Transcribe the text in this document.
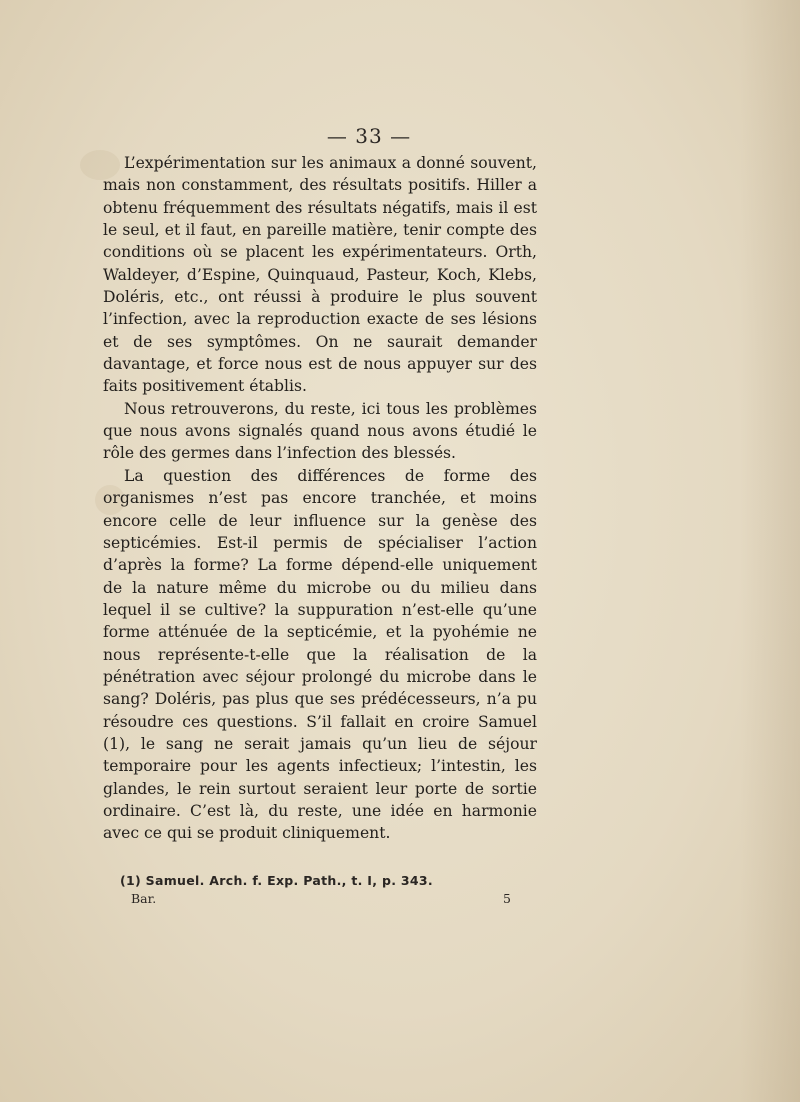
— 33 —

L’expérimentation sur les animaux a donné souvent, mais non constamment, des résultats positifs. Hiller a obtenu fréquemment des résultats négatifs, mais il est le seul, et il faut, en pareille matière, tenir compte des conditions où se placent les expérimentateurs. Orth, Waldeyer, d’Espine, Quinquaud, Pasteur, Koch, Klebs, Doléris, etc., ont réussi à produire le plus souvent l’infection, avec la reproduction exacte de ses lésions et de ses symptômes. On ne saurait demander davantage, et force nous est de nous appuyer sur des faits positivement établis.

Nous retrouverons, du reste, ici tous les problèmes que nous avons signalés quand nous avons étudié le rôle des germes dans l’infection des blessés.

La question des différences de forme des organismes n’est pas encore tranchée, et moins encore celle de leur influence sur la genèse des septicémies. Est-il permis de spécialiser l’action d’après la forme? La forme dépend-elle uniquement de la nature même du microbe ou du milieu dans lequel il se cultive? la suppuration n’est-elle qu’une forme atténuée de la septicémie, et la pyohémie ne nous représente-t-elle que la réalisation de la pénétration avec séjour prolongé du microbe dans le sang? Doléris, pas plus que ses prédécesseurs, n’a pu résoudre ces questions. S’il fallait en croire Samuel (1), le sang ne serait jamais qu’un lieu de séjour temporaire pour les agents infectieux; l’intestin, les glandes, le rein surtout seraient leur porte de sortie ordinaire. C’est là, du reste, une idée en harmonie avec ce qui se produit cliniquement.

(1) Samuel. Arch. f. Exp. Path., t. I, p. 343.
Bar.	5
